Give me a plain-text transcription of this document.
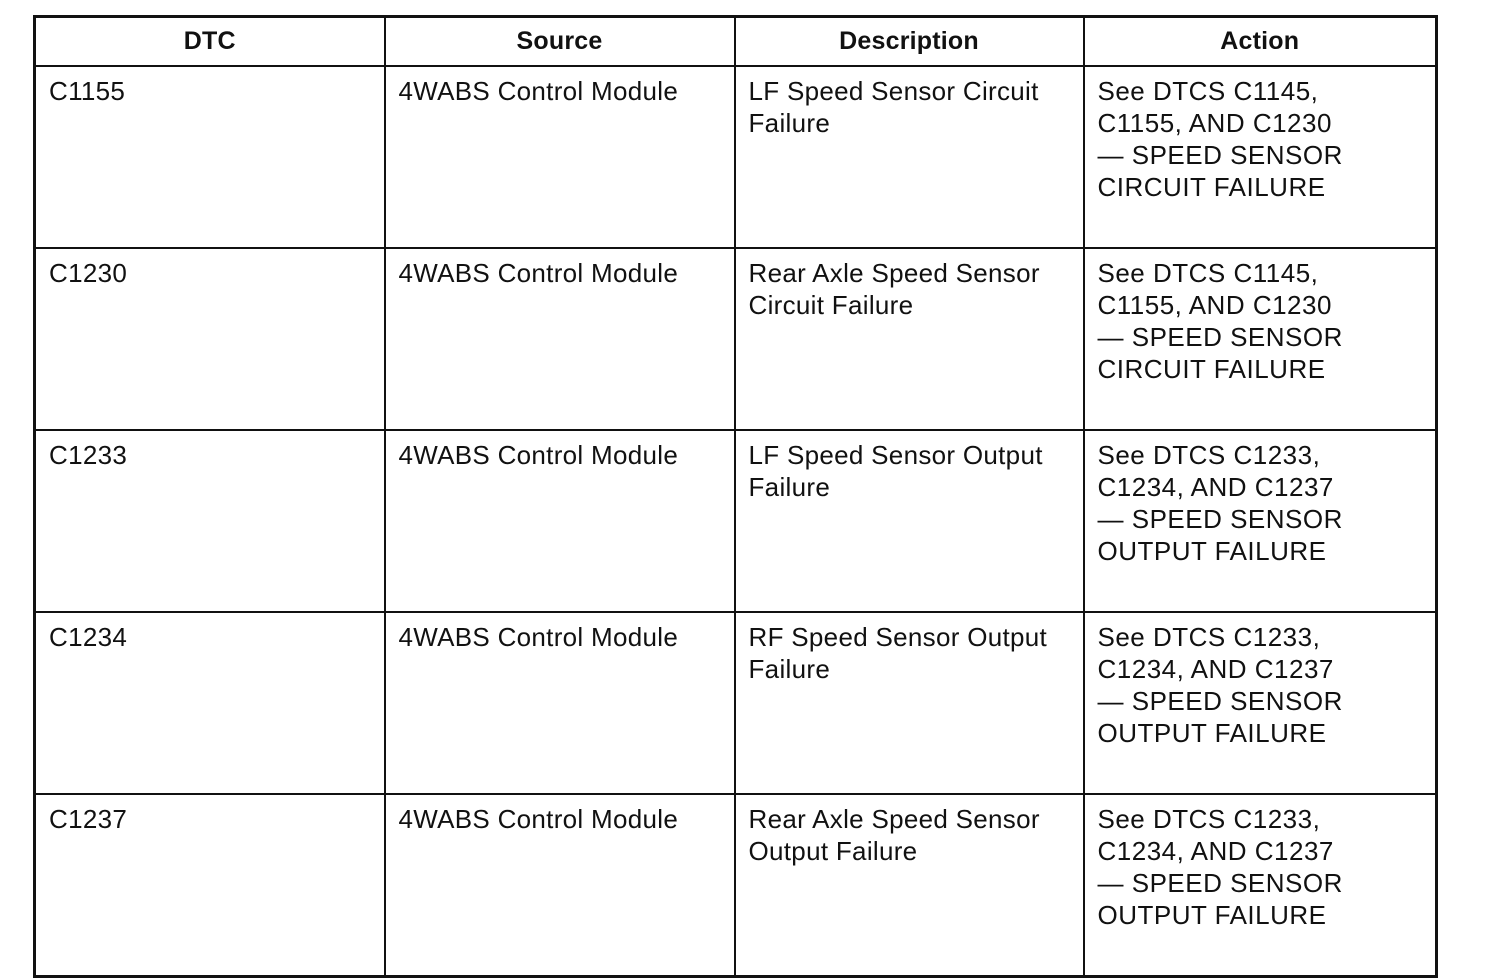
DTC	Source	Description	Action
C1155	4WABS Control Module	LF Speed Sensor Circuit Failure	See DTCS C1145,
C1155, AND C1230
— SPEED SENSOR
CIRCUIT FAILURE
C1230	4WABS Control Module	Rear Axle Speed Sensor Circuit Failure	See DTCS C1145,
C1155, AND C1230
— SPEED SENSOR
CIRCUIT FAILURE
C1233	4WABS Control Module	LF Speed Sensor Output Failure	See DTCS C1233,
C1234, AND C1237
— SPEED SENSOR
OUTPUT FAILURE
C1234	4WABS Control Module	RF Speed Sensor Output Failure	See DTCS C1233,
C1234, AND C1237
— SPEED SENSOR
OUTPUT FAILURE
C1237	4WABS Control Module	Rear Axle Speed Sensor Output Failure	See DTCS C1233,
C1234, AND C1237
— SPEED SENSOR
OUTPUT FAILURE
